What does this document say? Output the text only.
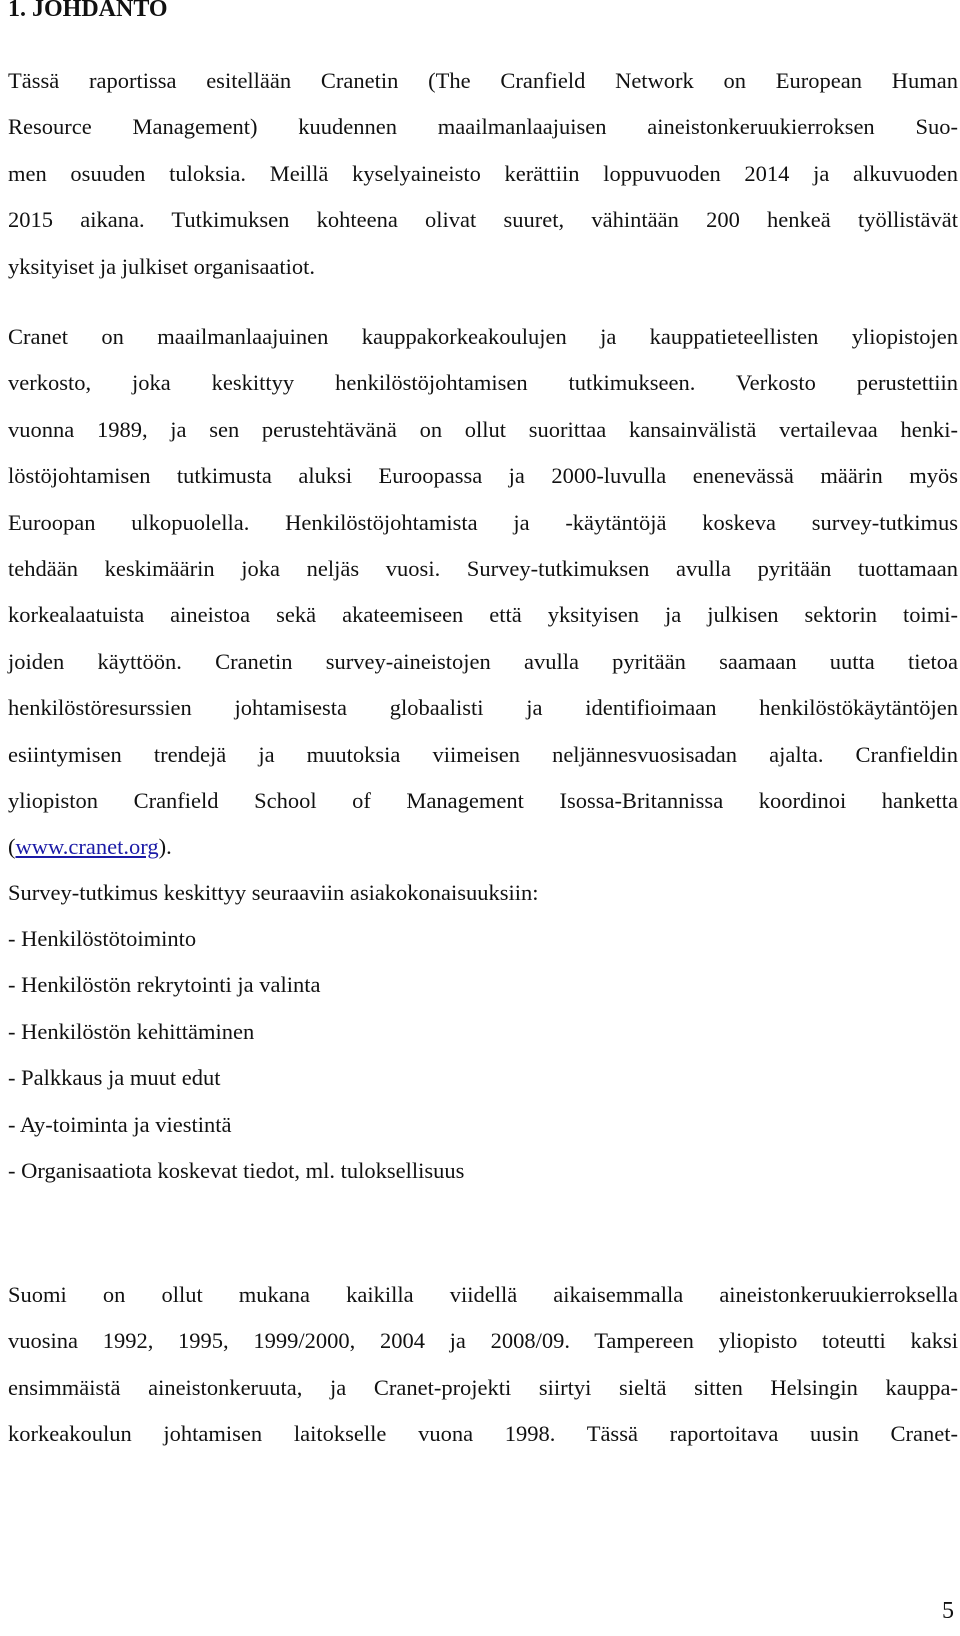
1. JOHDANTO
Tässä raportissa esitellään Cranetin (The Cranfield Network on European Human
Resource Management) kuudennen maailmanlaajuisen aineistonkeruukierroksen Suo-
men osuuden tuloksia. Meillä kyselyaineisto kerättiin loppuvuoden 2014 ja alkuvuoden
2015 aikana. Tutkimuksen kohteena olivat suuret, vähintään 200 henkeä työllistävät
yksityiset ja julkiset organisaatiot.
Cranet on maailmanlaajuinen kauppakorkeakoulujen ja kauppatieteellisten yliopistojen
verkosto, joka keskittyy henkilöstöjohtamisen tutkimukseen. Verkosto perustettiin
vuonna 1989, ja sen perustehtävänä on ollut suorittaa kansainvälistä vertailevaa henki-
löstöjohtamisen tutkimusta aluksi Euroopassa ja 2000-luvulla enenevässä määrin myös
Euroopan ulkopuolella. Henkilöstöjohtamista ja -käytäntöjä koskeva survey-tutkimus
tehdään keskimäärin joka neljäs vuosi. Survey-tutkimuksen avulla pyritään tuottamaan
korkealaatuista aineistoa sekä akateemiseen että yksityisen ja julkisen sektorin toimi-
joiden käyttöön. Cranetin survey-aineistojen avulla pyritään saamaan uutta tietoa
henkilöstöresurssien johtamisesta globaalisti ja identifioimaan henkilöstökäytäntöjen
esiintymisen trendejä ja muutoksia viimeisen neljännesvuosisadan ajalta. Cranfieldin
yliopiston Cranfield School of Management Isossa-Britannissa koordinoi hanketta
(www.cranet.org).
Survey-tutkimus keskittyy seuraaviin asiakokonaisuuksiin:
- Henkilöstötoiminto
- Henkilöstön rekrytointi ja valinta
- Henkilöstön kehittäminen
- Palkkaus ja muut edut
- Ay-toiminta ja viestintä
- Organisaatiota koskevat tiedot, ml. tuloksellisuus
Suomi on ollut mukana kaikilla viidellä aikaisemmalla aineistonkeruukierroksella
vuosina 1992, 1995, 1999/2000, 2004 ja 2008/09. Tampereen yliopisto toteutti kaksi
ensimmäistä aineistonkeruuta, ja Cranet-projekti siirtyi sieltä sitten Helsingin kauppa-
korkeakoulun johtamisen laitokselle vuona 1998. Tässä raportoitava uusin Cranet-
5
